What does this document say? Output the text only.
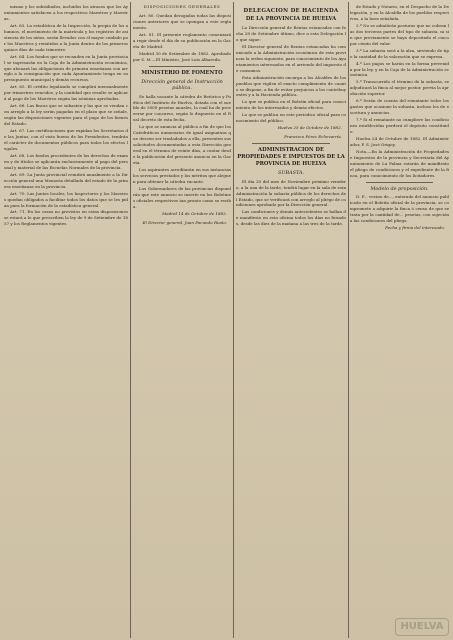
mismo y los subsidiados, incluidos los atrasos que los Ayuntamientos satisfacen a los respectivos Maestros y Maestras.
Art. 63. La estadística de la Inspección, la propia de los alumnos, el movimiento de la matrícula y los registros de asistencia de los niños, serán llevados con el mayor cuidado por los Maestros y remitidos a la Junta dentro de los primeros quince días de cada trimestre.
Art. 64. Los fondos que se recauden en la Junta provincial se ingresarán en la Caja de la Administración económica, que abonará las obligaciones de primera enseñanza con arreglo a la consignación que cada Ayuntamiento tenga en su presupuesto municipal y demás recursos.
Art. 65. El crédito legalizado se cumplirá mensualmente por trimestres vencidos, y la cantidad que resulte se aplicará al pago de los Maestros según las nóminas aprobadas.
Art. 66. Las fincas que se subasten y las que se vendan con arreglo a la ley serán pagadas en el plazo que se señale, según las disposiciones vigentes para el pago de los bienes del Estado.
Art. 67. Las certificaciones que expidan los Secretarios de las Juntas, con el visto bueno de los Presidentes, tendrán el carácter de documentos públicos para todos los efectos legales.
Art. 68. Los fondos procedentes de los derechos de examen y de títulos se aplicarán exclusivamente al pago del personal y material de las Escuelas Normales de la provincia.
Art. 69. La Junta provincial remitirá anualmente a la Dirección general una Memoria detallada del estado de la primera enseñanza en la provincia.
Art. 70. Las Juntas locales, los Inspectores y los Maestros quedan obligados a facilitar todos los datos que se les pidan para la formación de la estadística general.
Art. 71. En los casos no previstos en estas disposiciones se estará a lo que prescriben la ley de 9 de Setiembre de 1857 y los Reglamentos vigentes.
DISPOSICIONES GENERALES
Art. 80. Quedan derogadas todas las disposiciones anteriores que se opongan a este reglamento.
Art. 81. El presente reglamento comenzará a regir desde el día de su publicación en la Gaceta de Madrid.
Madrid 30 de Setiembre de 1882. Aprobado por S. M.—El Ministro, José Luis Albareda.
MINISTERIO DE FOMENTO
Dirección general de Instrucción pública.
Se halla vacante la cátedra de Retórica y Poética del Instituto de Huelva, dotada con el sueldo de 3000 pesetas anuales, la cual ha de proveerse por concurso, según lo dispuesto en el Real decreto de esta fecha.
Lo que se anuncia al público a fin de que los Catedráticos numerarios de igual asignatura que deseen ser trasladados a ella, presenten sus solicitudes documentadas a esta Dirección general en el término de veinte días, a contar desde la publicación del presente anuncio en la Gaceta.
Los aspirantes acreditarán en sus instancias los servicios prestados y los méritos que aleguen para obtener la cátedra vacante.
Los Gobernadores de las provincias dispondrán que este anuncio se inserte en los Boletines oficiales respectivos tan pronto como se reciba.
Madrid 14 de Octubre de 1882.
El Director general, Juan Facundo Riaño.
DELEGACION DE HACIENDA
DE LA PROVINCIA DE HUELVA
La Dirección general de Rentas estancadas con fecha 28 de Setiembre último, dice a esta Delegación lo que sigue:
El Director general de Rentas estancadas ha comunicado a la Administración económica de esta provincia la orden siguiente, para conocimiento de los Ayuntamientos interesados en el arriendo del impuesto de consumos.
Esta Administración encarga a los Alcaldes de los pueblos que vigilen el exacto cumplimiento de cuanto se dispone, a fin de evitar perjuicios a los contribuyentes y a la Hacienda pública.
Lo que se publica en el Boletín oficial para conocimiento de los interesados y demás efectos.
Lo que se publica en este periódico oficial para conocimiento del público.
Huelva 25 de Octubre de 1882.
Francisco Pérez Echevarría.
ADMINISTRACION DE PROPIEDADES E IMPUESTOS DE LA PROVINCIA DE HUELVA
SUBASTA.
El día 20 del mes de Noviembre próximo venidero, a la una de la tarde, tendrá lugar en la sala de esta Administración la subasta pública de los derechos del Estado, que se verificará con arreglo al pliego de condiciones aprobado por la Dirección general.
Las condiciones y demás antecedentes se hallan de manifiesto en esta oficina todos los días no feriados, desde las diez de la mañana a las tres de la tarde.
de Estado y Notario, en el Despacho de la Delegación, y en la Alcaldía de los pueblos respectivos, a la hora señalada.
2.º No se admitirán posturas que no cubran las dos terceras partes del tipo de subasta, ni sin que previamente se haya depositado el cinco por ciento del valor.
3.º La subasta será a la alza, sirviendo de tipo la cantidad de la valoración que se expresa.
4.º Los pagos se harán en la forma prevenida por la ley, y en la Caja de la Administración económica.
5.º Transcurrido el término de la subasta, se adjudicará la finca al mejor postor, previa la aprobación superior.
6.º Serán de cuenta del rematante todos los gastos que ocasione la subasta, incluso los de escritura y anuncios.
7.º Si el rematante no cumpliere las condiciones establecidas perderá el depósito constituido.
Huelva 24 de Octubre de 1882. El Administrador, P. S. José Origoy.
Nota.—En la Administración de Propiedades e Impuestos de la provincia y Secretaría del Ayuntamiento de La Palma estarán de manifiesto el pliego de condiciones y el expediente de la finca, para conocimiento de los licitadores.
Modelo de proposición.
D. F... vecino de..., enterado del anuncio publicado en el Boletín oficial de la provincia, se compromete a adquirir la finca ó censo de que se trata por la cantidad de... pesetas, con sujeción a las condiciones del pliego.
Fecha y firma del interesado.
HUELVA
